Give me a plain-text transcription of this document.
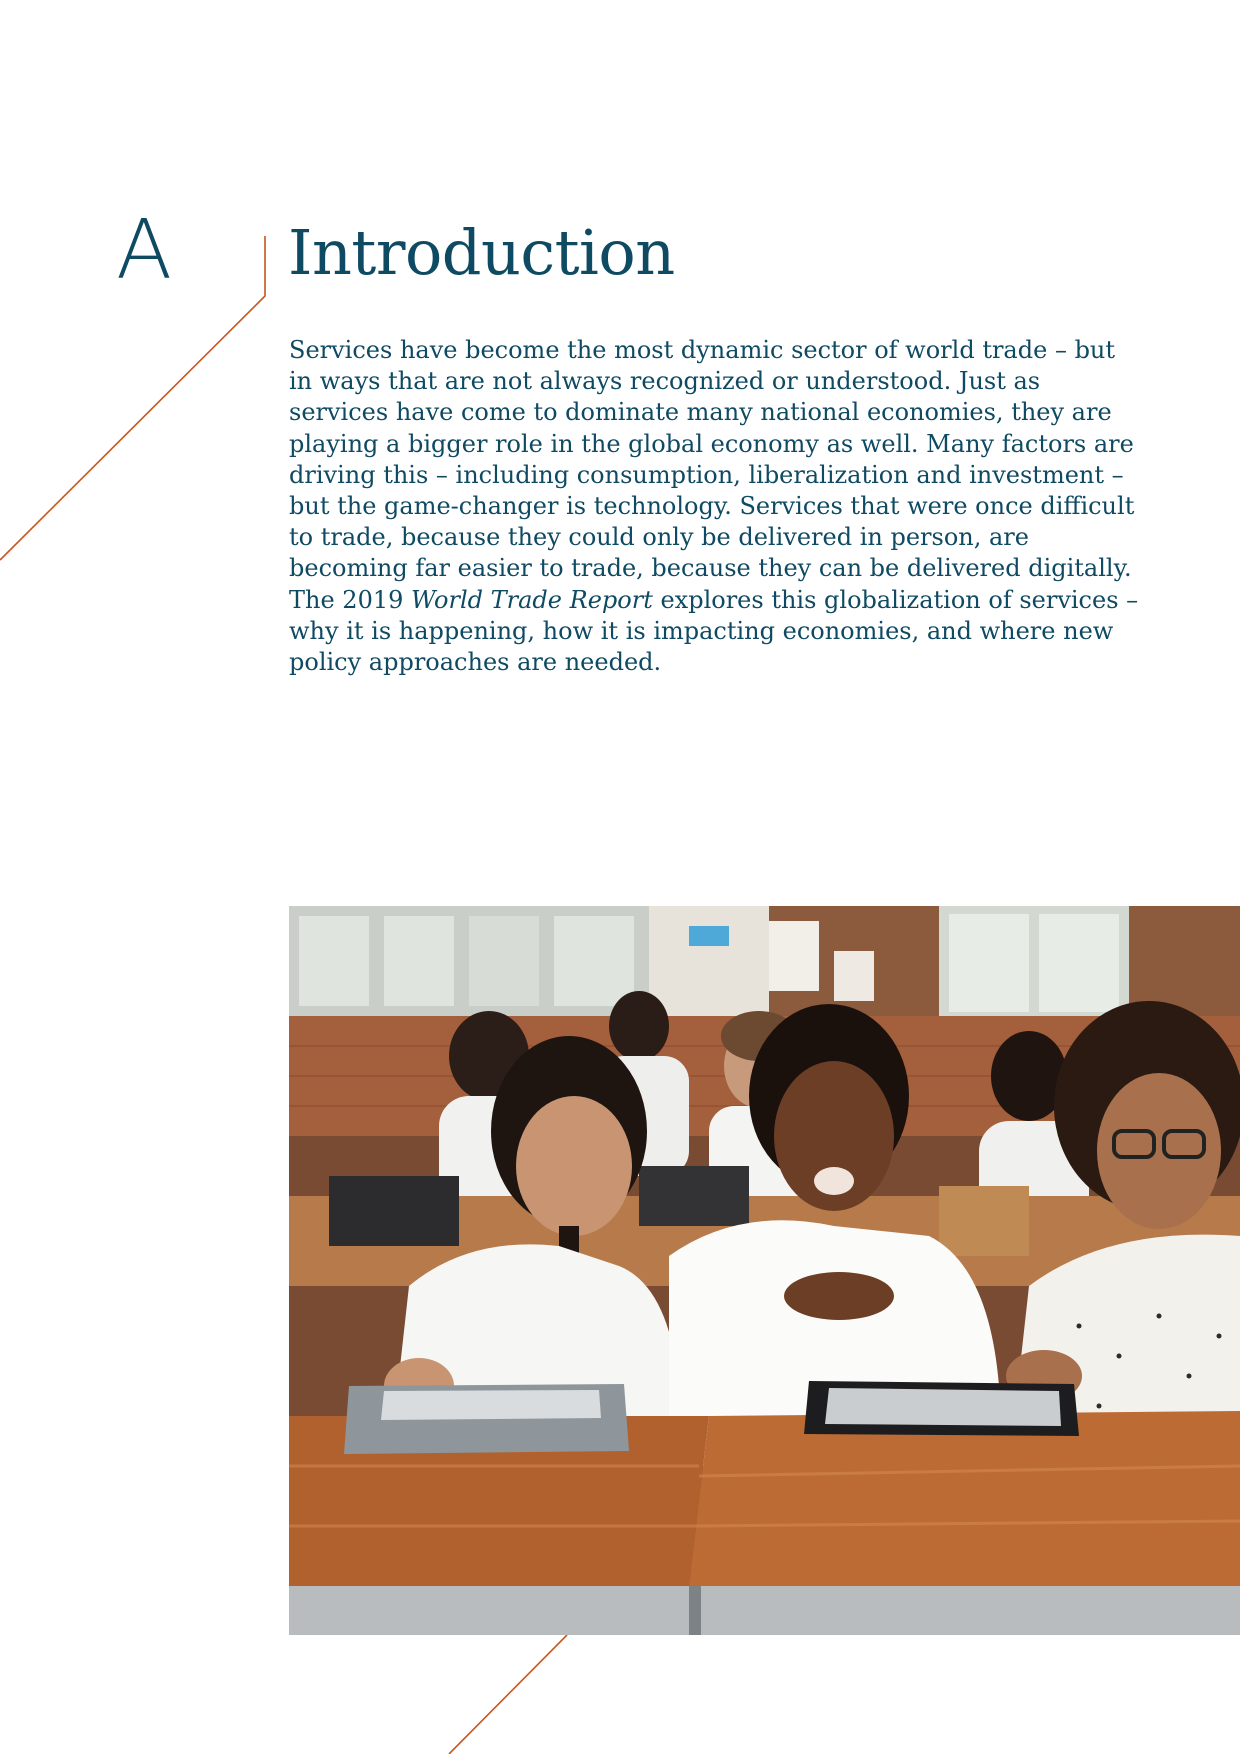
A Introduction

Services have become the most dynamic sector of world trade – but in ways that are not always recognized or understood. Just as services have come to dominate many national economies, they are playing a bigger role in the global economy as well. Many factors are driving this – including consumption, liberalization and investment – but the game-changer is technology. Services that were once difficult to trade, because they could only be delivered in person, are becoming far easier to trade, because they can be delivered digitally. The 2019 World Trade Report explores this globalization of services – why it is happening, how it is impacting economies, and where new policy approaches are needed.
